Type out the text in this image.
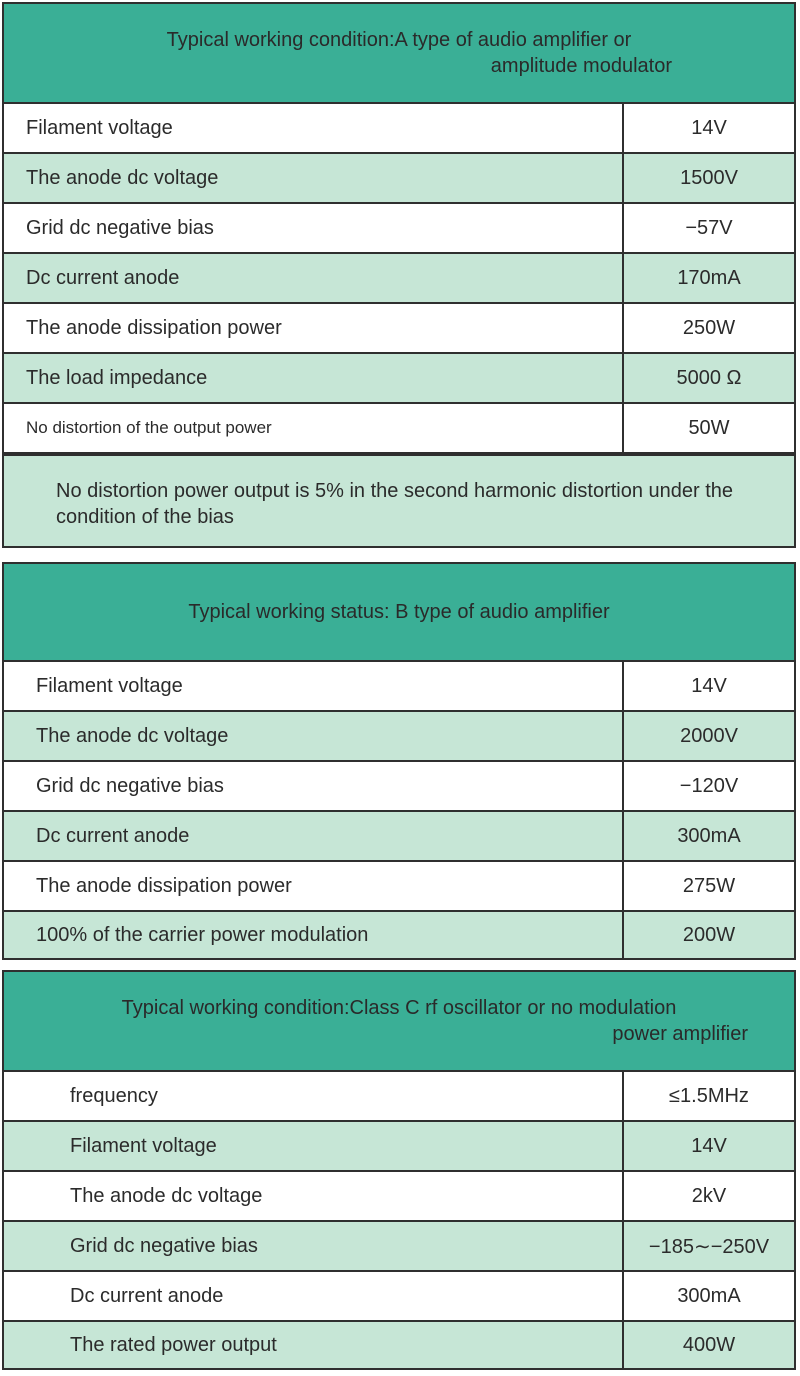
Typical working condition:A type of audio amplifier or
amplitude modulator
Filament voltage	14V
The anode dc voltage	1500V
Grid dc negative bias	−57V
Dc current anode	170mA
The anode dissipation power	250W
The load impedance	5000 Ω
No distortion of the output power	50W
No distortion power output is 5% in the second harmonic distortion under the condition of the bias
Typical working status: B type of audio amplifier
Filament voltage	14V
The anode dc voltage	2000V
Grid dc negative bias	−120V
Dc current anode	300mA
The anode dissipation power	275W
100% of the carrier power modulation	200W
Typical working condition:Class C rf oscillator or no modulation
power amplifier
frequency	≤1.5MHz
Filament voltage	14V
The anode dc voltage	2kV
Grid dc negative bias	−185∼−250V
Dc current anode	300mA
The rated power output	400W
